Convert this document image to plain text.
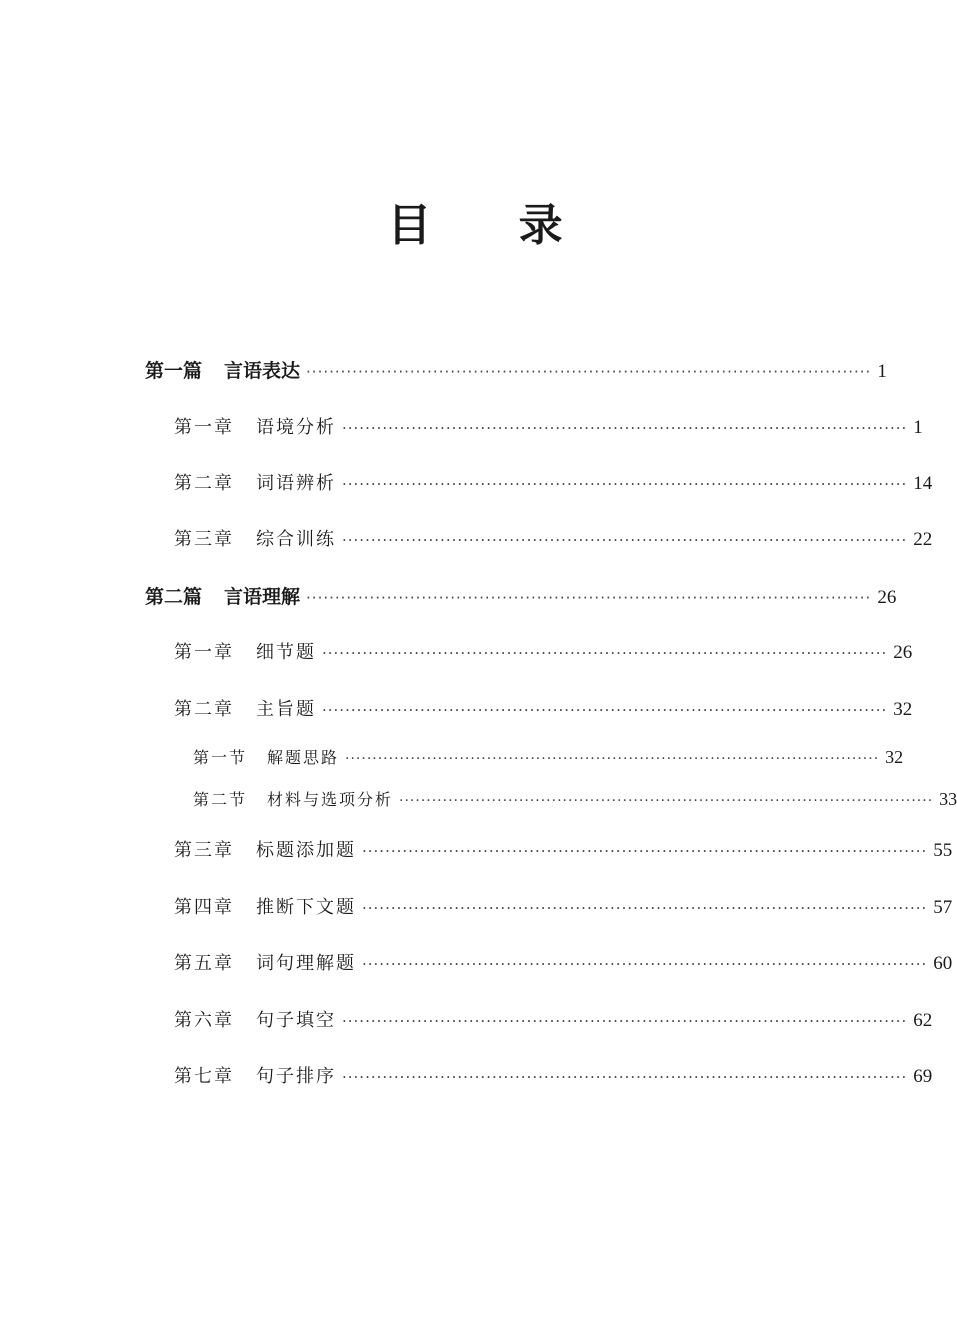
目 录
第一篇 言语表达 ·································································································· 1
第一章 语境分析 ·································································································· 1
第二章 词语辨析 ·································································································· 14
第三章 综合训练 ·································································································· 22
第二篇 言语理解 ·································································································· 26
第一章 细节题 ·································································································· 26
第二章 主旨题 ·································································································· 32
第一节 解题思路 ·································································································· 32
第二节 材料与选项分析 ·································································································· 33
第三章 标题添加题 ·································································································· 55
第四章 推断下文题 ·································································································· 57
第五章 词句理解题 ·································································································· 60
第六章 句子填空 ·································································································· 62
第七章 句子排序 ·································································································· 69
